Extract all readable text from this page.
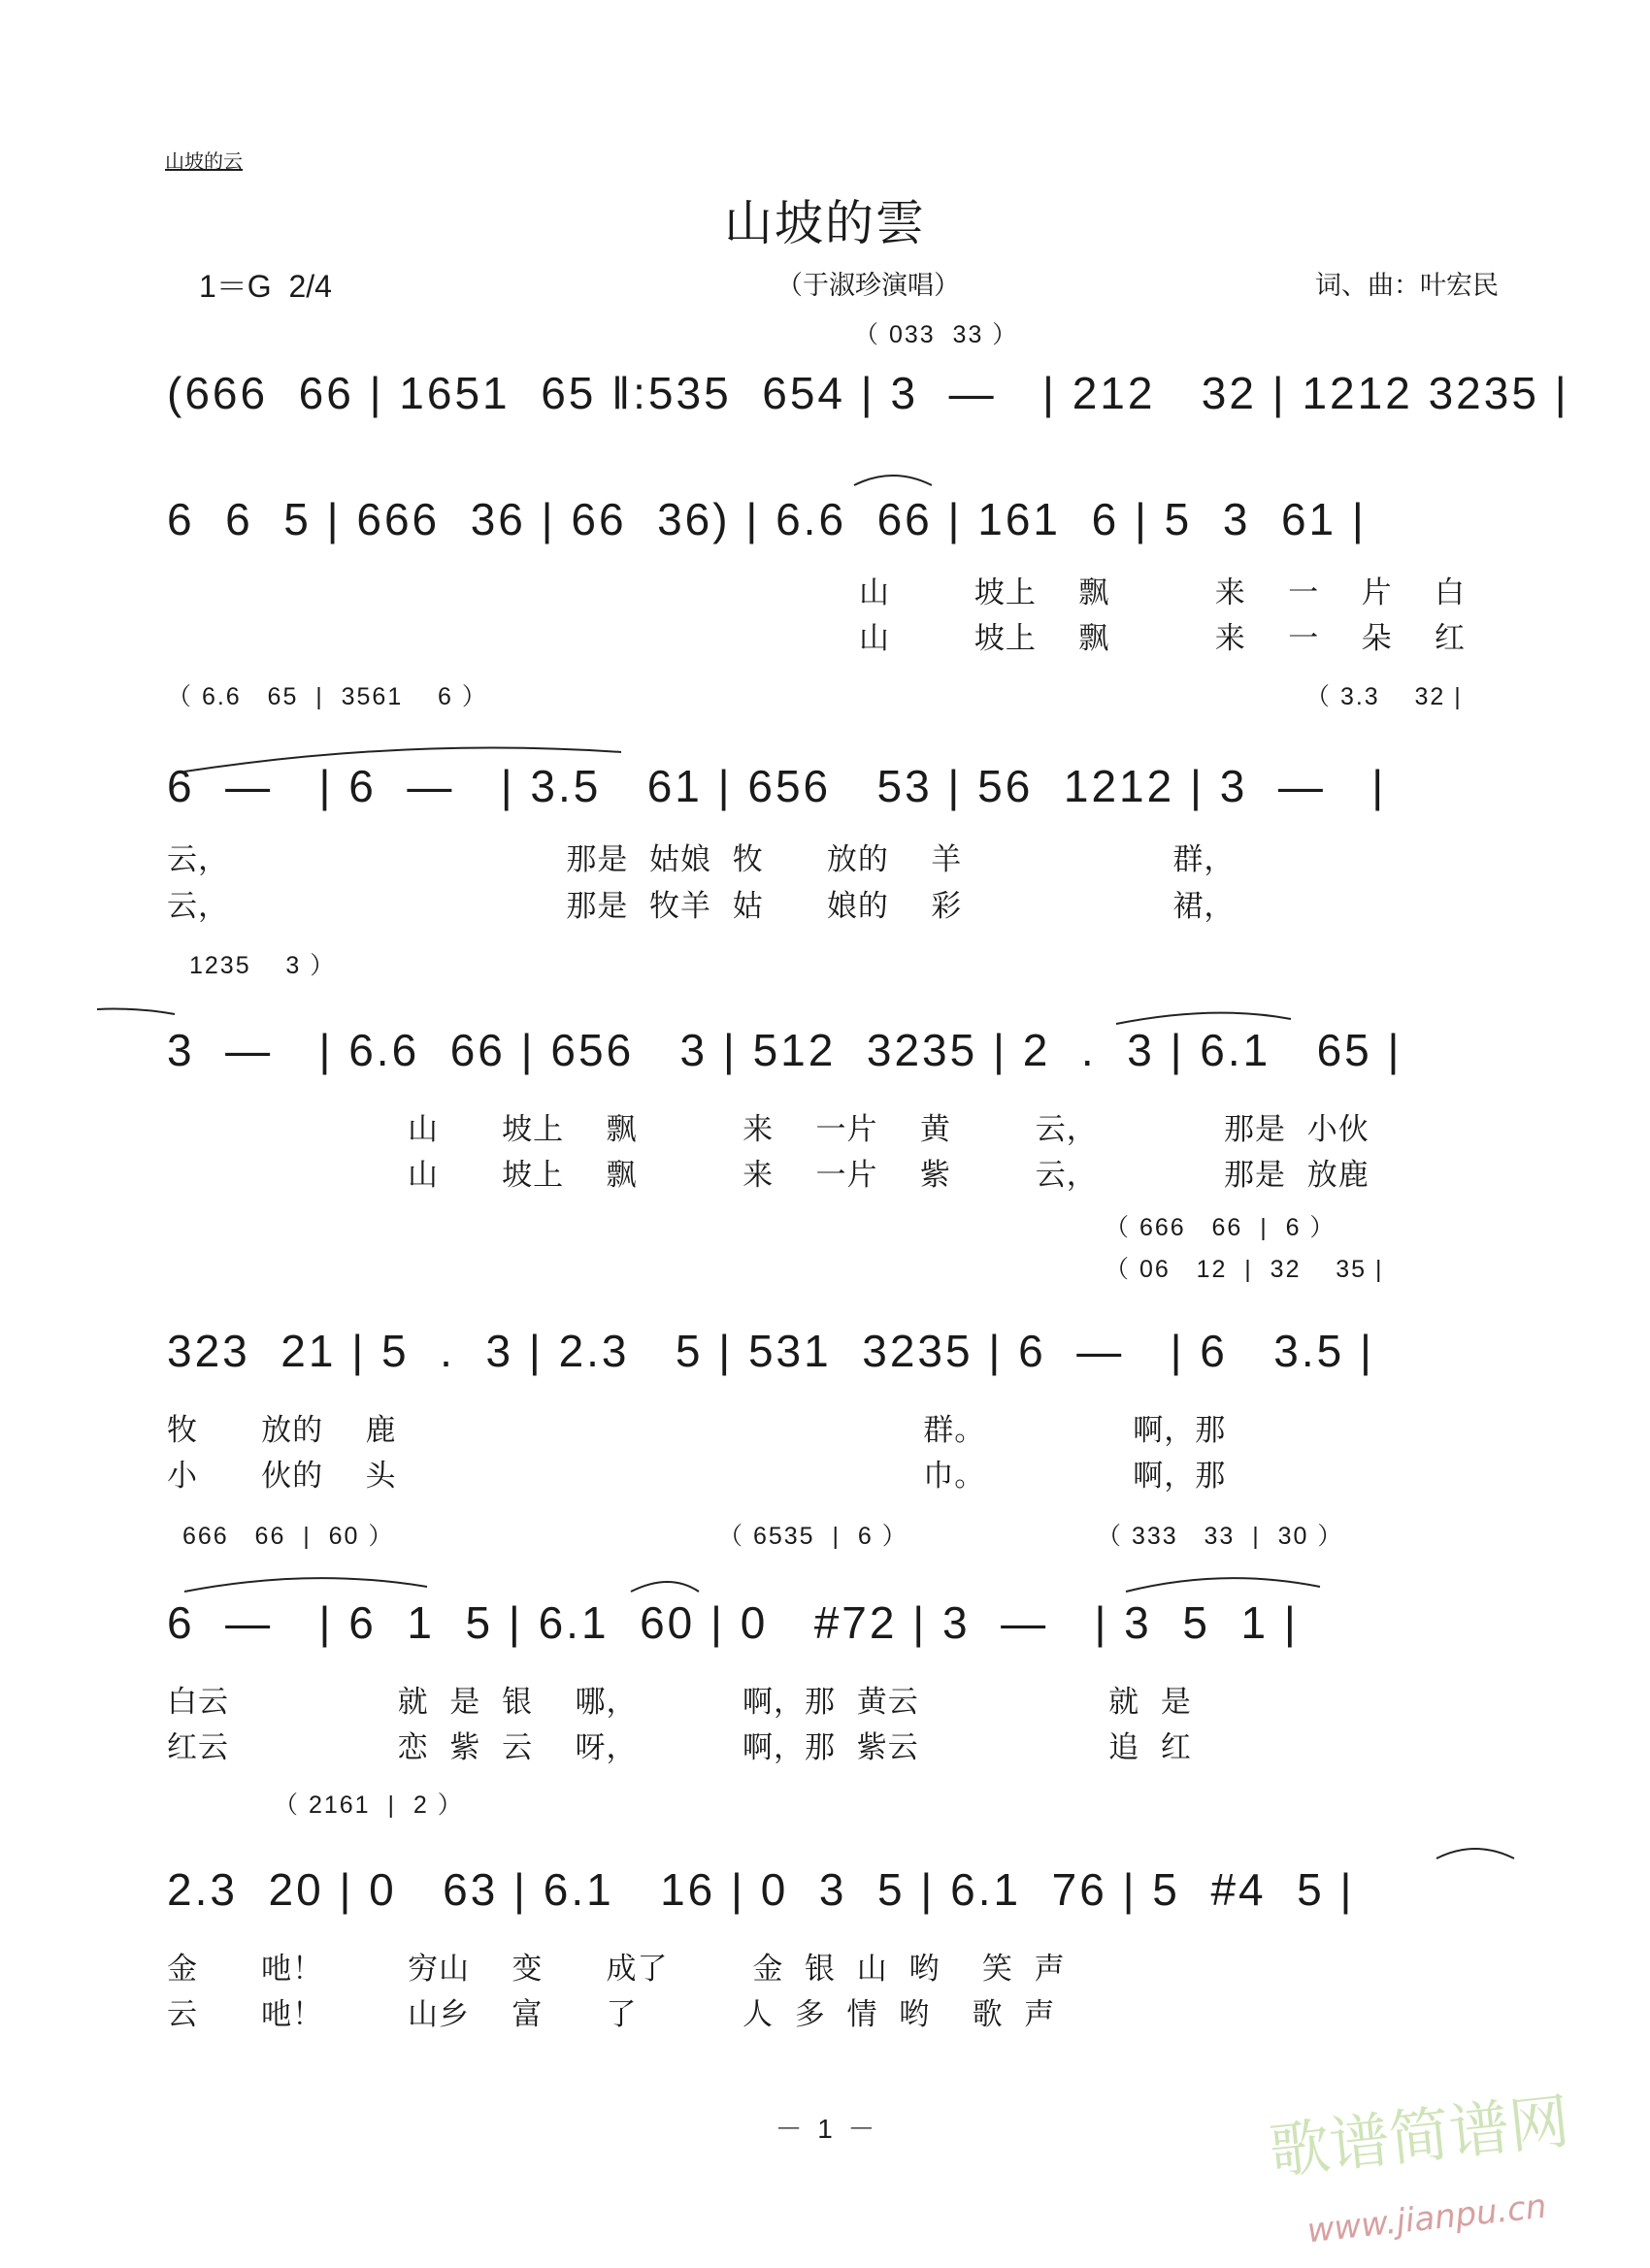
山坡的云
山坡的雲
1＝G  2/4	（于淑珍演唱）	词、曲：叶宏民
（ 033  33 ）
(666  66 | 1651  65 ‖:535  654 | 3  —   | 212   32 | 1212 3235 |
6  6  5 | 666  36 | 66  36) | 6.6  66 | 161  6 | 5  3  61 |
山        坡上    飘          来    一    片    白
山        坡上    飘          来    一    朵    红
（ 6.6   65  |  3561    6 ）	（ 3.3    32 |
6  —   | 6  —   | 3.5   61 | 656   53 | 56  1212 | 3  —   |
云，                                那是  姑娘  牧      放的    羊                    群，
云，                                那是  牧羊  姑      娘的    彩                    裙，
1235    3 ）
3  —   | 6.6  66 | 656   3 | 512  3235 | 2  .  3 | 6.1   65 |
山      坡上    飘          来    一片    黄        云，            那是  小伙
山      坡上    飘          来    一片    紫        云，            那是  放鹿
（ 666   66  |  6 ）
（ 06   12  |  32    35 |
323  21 | 5  .  3 | 2.3   5 | 531  3235 | 6  —   | 6   3.5 |
牧      放的    鹿                                                  群。              啊，那
小      伙的    头                                                  巾。              啊，那
666   66  |  60 ）	（ 6535  |  6 ）	（ 333   33  |  30 ）
6  —   | 6  1  5 | 6.1  60 | 0   #72 | 3  —   | 3  5  1 |
白云                就  是  银    哪，          啊，那  黄云                  就  是
红云                恋  紫  云    呀，          啊，那  紫云                  追  红
（ 2161  |  2 ）
2.3  20 | 0   63 | 6.1   16 | 0  3  5 | 6.1  76 | 5  #4  5 |
金      吔！        穷山    变      成了        金  银  山  哟    笑  声
云      吔！        山乡    富      了          人  多  情  哟    歌  声
－  1  －	歌谱简谱网
www.jianpu.cn
